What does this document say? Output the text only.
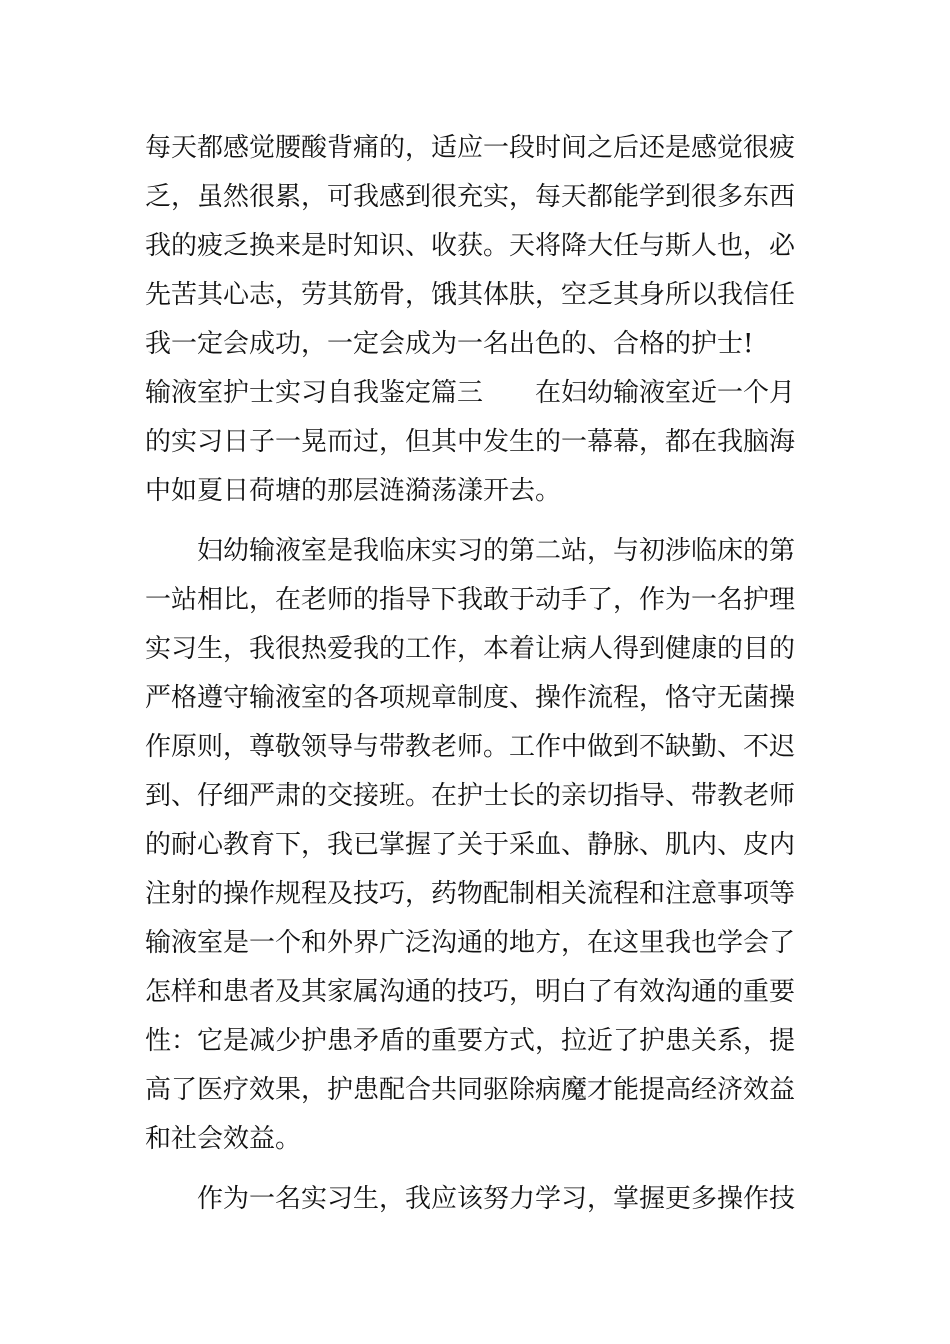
每天都感觉腰酸背痛的，适应一段时间之后还是感觉很疲
乏，虽然很累，可我感到很充实，每天都能学到很多东西
我的疲乏换来是时知识、收获。天将降大任与斯人也，必
先苦其心志，劳其筋骨，饿其体肤，空乏其身所以我信任
我一定会成功，一定会成为一名出色的、合格的护士!
输液室护士实习自我鉴定篇三 在妇幼输液室近一个月
的实习日子一晃而过，但其中发生的一幕幕，都在我脑海
中如夏日荷塘的那层涟漪荡漾开去。
妇幼输液室是我临床实习的第二站，与初涉临床的第
一站相比，在老师的指导下我敢于动手了，作为一名护理
实习生，我很热爱我的工作，本着让病人得到健康的目的
严格遵守输液室的各项规章制度、操作流程，恪守无菌操
作原则，尊敬领导与带教老师。工作中做到不缺勤、不迟
到、仔细严肃的交接班。在护士长的亲切指导、带教老师
的耐心教育下，我已掌握了关于采血、静脉、肌内、皮内
注射的操作规程及技巧，药物配制相关流程和注意事项等
输液室是一个和外界广泛沟通的地方，在这里我也学会了
怎样和患者及其家属沟通的技巧，明白了有效沟通的重要
性：它是减少护患矛盾的重要方式，拉近了护患关系，提
高了医疗效果，护患配合共同驱除病魔才能提高经济效益
和社会效益。
作为一名实习生，我应该努力学习，掌握更多操作技
